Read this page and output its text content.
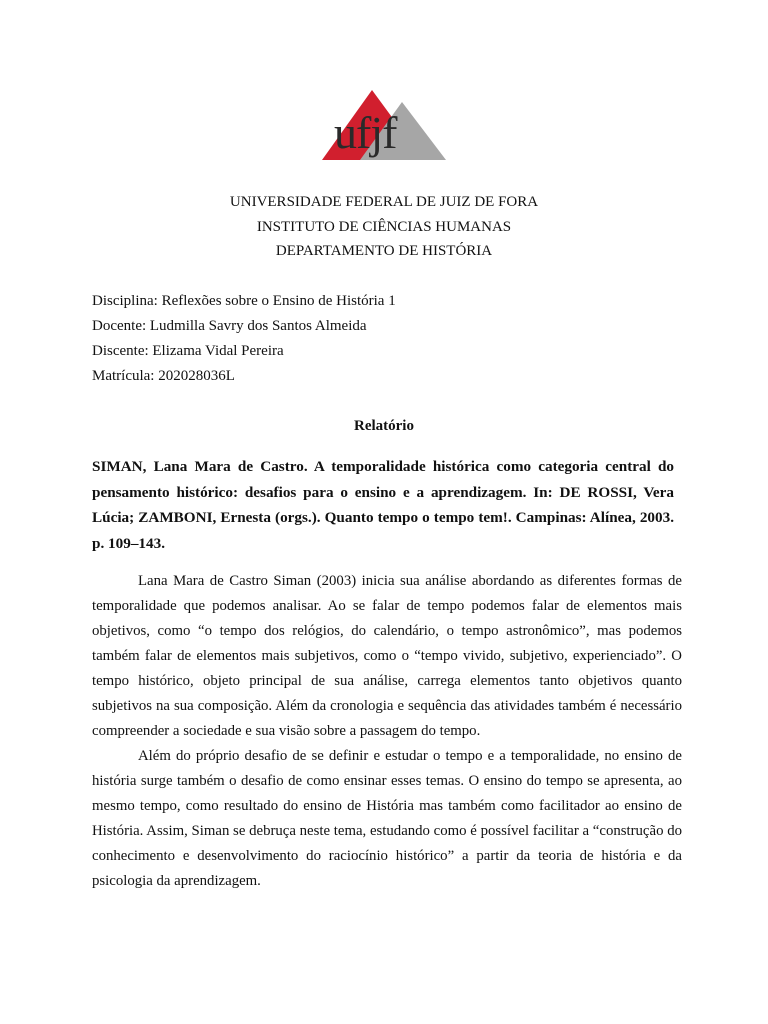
ufjf
UNIVERSIDADE FEDERAL DE JUIZ DE FORA
INSTITUTO DE CIÊNCIAS HUMANAS
DEPARTAMENTO DE HISTÓRIA
Disciplina: Reflexões sobre o Ensino de História 1
Docente: Ludmilla Savry dos Santos Almeida
Discente: Elizama Vidal Pereira
Matrícula: 202028036L
Relatório
SIMAN, Lana Mara de Castro. A temporalidade histórica como categoria central do pensamento histórico: desafios para o ensino e a aprendizagem. In: DE ROSSI, Vera Lúcia; ZAMBONI, Ernesta (orgs.). Quanto tempo o tempo tem!. Campinas: Alínea, 2003. p. 109–143.

Lana Mara de Castro Siman (2003) inicia sua análise abordando as diferentes formas de temporalidade que podemos analisar. Ao se falar de tempo podemos falar de elementos mais objetivos, como “o tempo dos relógios, do calendário, o tempo astronômico”, mas podemos também falar de elementos mais subjetivos, como o “tempo vivido, subjetivo, experienciado”. O tempo histórico, objeto principal de sua análise, carrega elementos tanto objetivos quanto subjetivos na sua composição. Além da cronologia e sequência das atividades também é necessário compreender a sociedade e sua visão sobre a passagem do tempo.

Além do próprio desafio de se definir e estudar o tempo e a temporalidade, no ensino de história surge também o desafio de como ensinar esses temas. O ensino do tempo se apresenta, ao mesmo tempo, como resultado do ensino de História mas também como facilitador ao ensino de História. Assim, Siman se debruça neste tema, estudando como é possível facilitar a “construção do conhecimento e desenvolvimento do raciocínio histórico” a partir da teoria de história e da psicologia da aprendizagem.
